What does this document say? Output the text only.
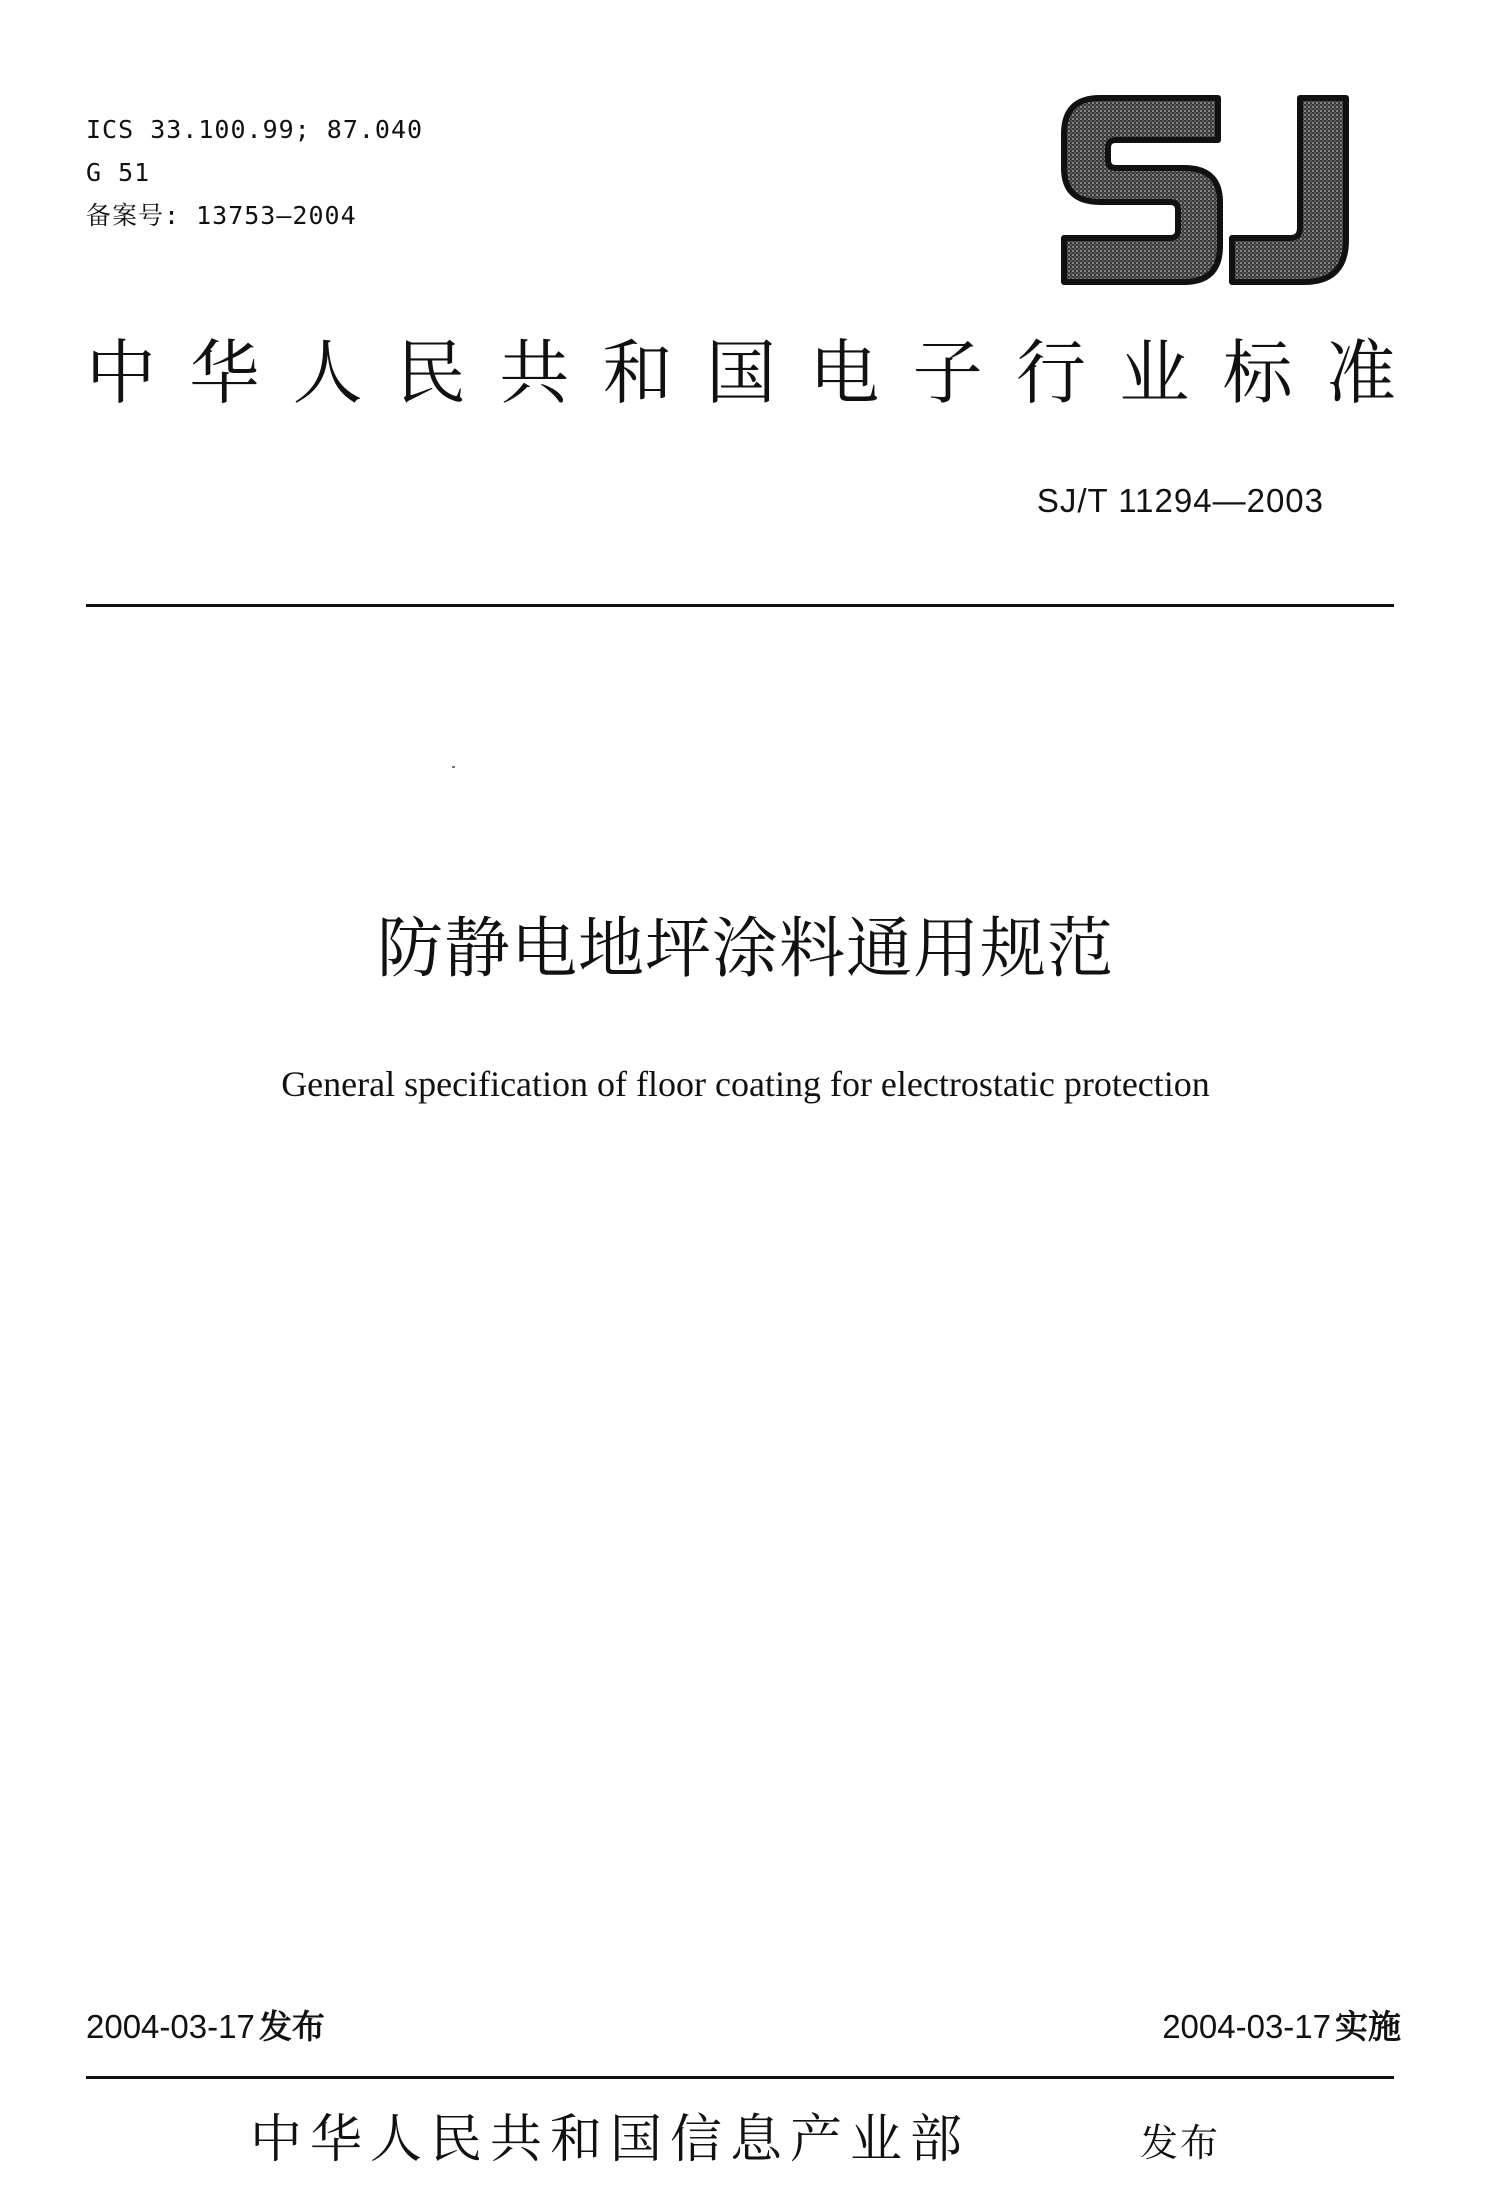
ICS 33.100.99; 87.040
G 51
备案号: 13753—2004
中 华 人 民 共 和 国 电 子 行 业 标 准
SJ/T 11294—2003
防静电地坪涂料通用规范
General specification of floor coating for electrostatic protection
2004-03-17 发布	2004-03-17 实施
中华人民共和国信息产业部	发布
